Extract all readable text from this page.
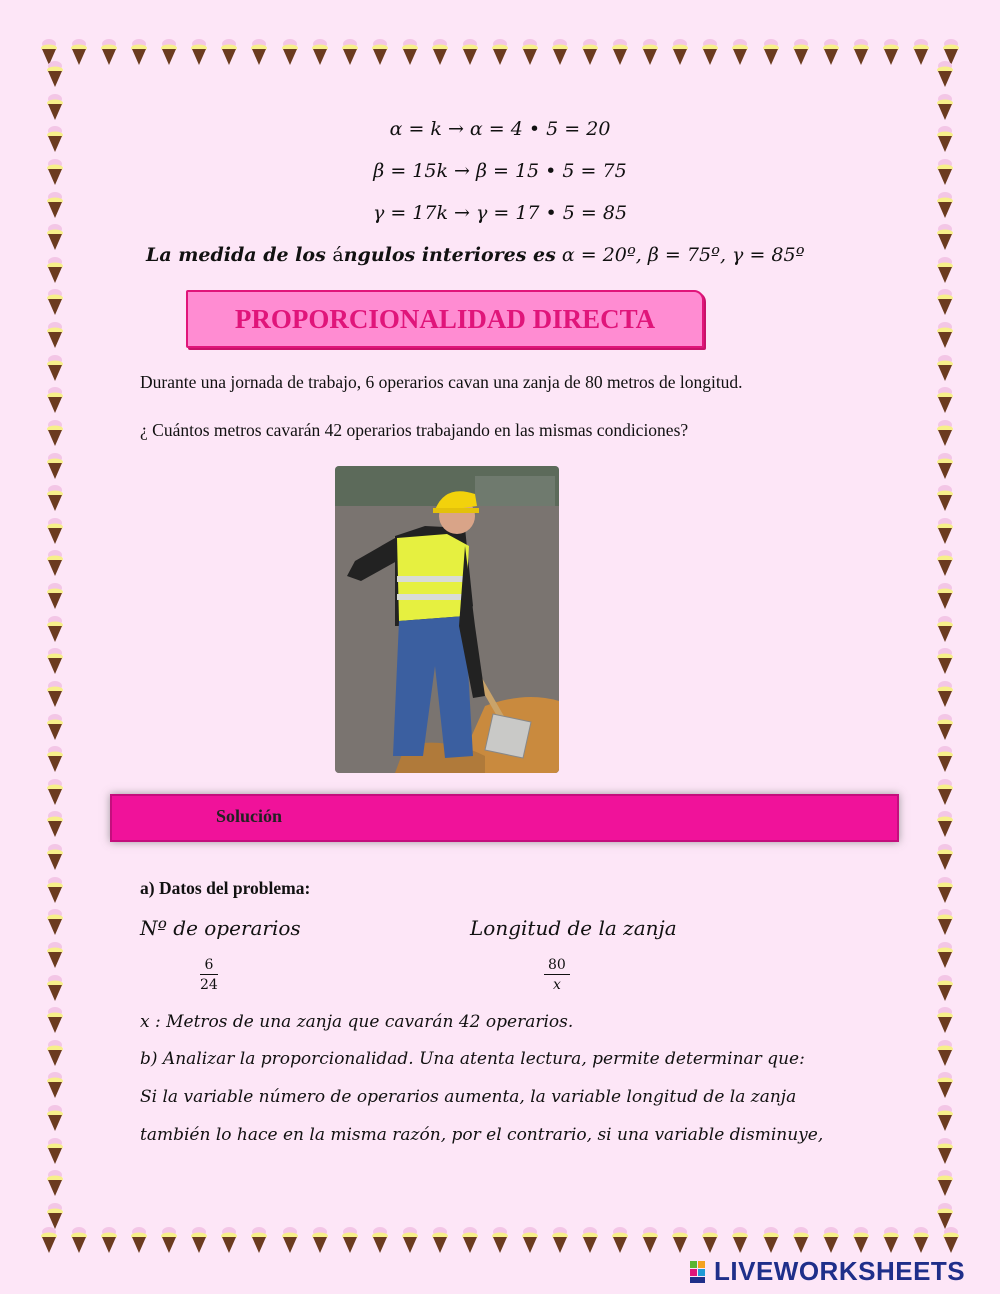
α = k → α = 4 • 5 = 20
β = 15k → β = 15 • 5 = 75
γ = 17k → γ = 17 • 5 = 85
La medida de los ángulos interiores es α = 20º, β = 75º, γ = 85º
PROPORCIONALIDAD DIRECTA
Durante una jornada de trabajo, 6 operarios cavan una zanja de 80 metros de longitud.
¿ Cuántos metros cavarán 42 operarios trabajando en las mismas condiciones?
Solución
a) Datos del problema:
Nº de operarios	Longitud de la zanja
$\frac{6}{24}$	$\frac{80}{x}$
x : Metros de una zanja que cavarán 42 operarios.
b) Analizar la proporcionalidad. Una atenta lectura, permite determinar que:
Si la variable número de operarios aumenta, la variable longitud de la zanja
también lo hace en la misma razón, por el contrario, si una variable disminuye,
LIVEWORKSHEETS
